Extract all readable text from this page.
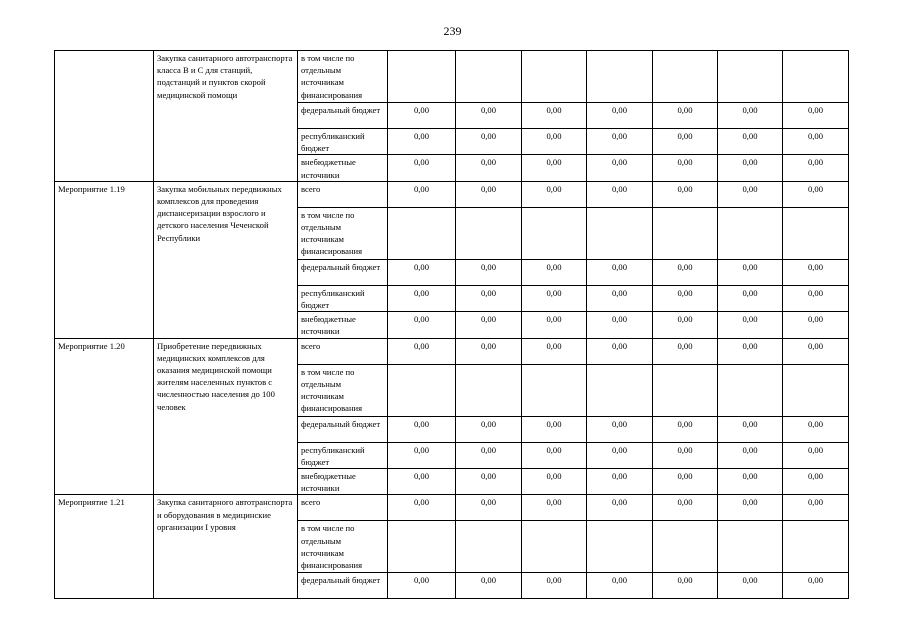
239
	Закупка санитарного автотранспорта класса В и С для станций, подстанций и пунктов скорой медицинской помощи	в том числе по отдельным источникам финансирования							
		федеральный бюджет	0,00	0,00	0,00	0,00	0,00	0,00	0,00
		республиканский бюджет	0,00	0,00	0,00	0,00	0,00	0,00	0,00
		внебюджетные источники	0,00	0,00	0,00	0,00	0,00	0,00	0,00
Мероприятие 1.19	Закупка мобильных передвижных комплексов для проведения диспансеризации взрослого и детского населения Чеченской Республики	всего	0,00	0,00	0,00	0,00	0,00	0,00	0,00
		в том числе по отдельным источникам финансирования							
		федеральный бюджет	0,00	0,00	0,00	0,00	0,00	0,00	0,00
		республиканский бюджет	0,00	0,00	0,00	0,00	0,00	0,00	0,00
		внебюджетные источники	0,00	0,00	0,00	0,00	0,00	0,00	0,00
Мероприятие 1.20	Приобретение передвижных медицинских комплексов для оказания медицинской помощи жителям населенных пунктов с численностью населения до 100 человек	всего	0,00	0,00	0,00	0,00	0,00	0,00	0,00
		в том числе по отдельным источникам финансирования							
		федеральный бюджет	0,00	0,00	0,00	0,00	0,00	0,00	0,00
		республиканский бюджет	0,00	0,00	0,00	0,00	0,00	0,00	0,00
		внебюджетные источники	0,00	0,00	0,00	0,00	0,00	0,00	0,00
Мероприятие 1.21	Закупка санитарного автотранспорта и оборудования в медицинские организации I уровня	всего	0,00	0,00	0,00	0,00	0,00	0,00	0,00
		в том числе по отдельным источникам финансирования							
		федеральный бюджет	0,00	0,00	0,00	0,00	0,00	0,00	0,00
